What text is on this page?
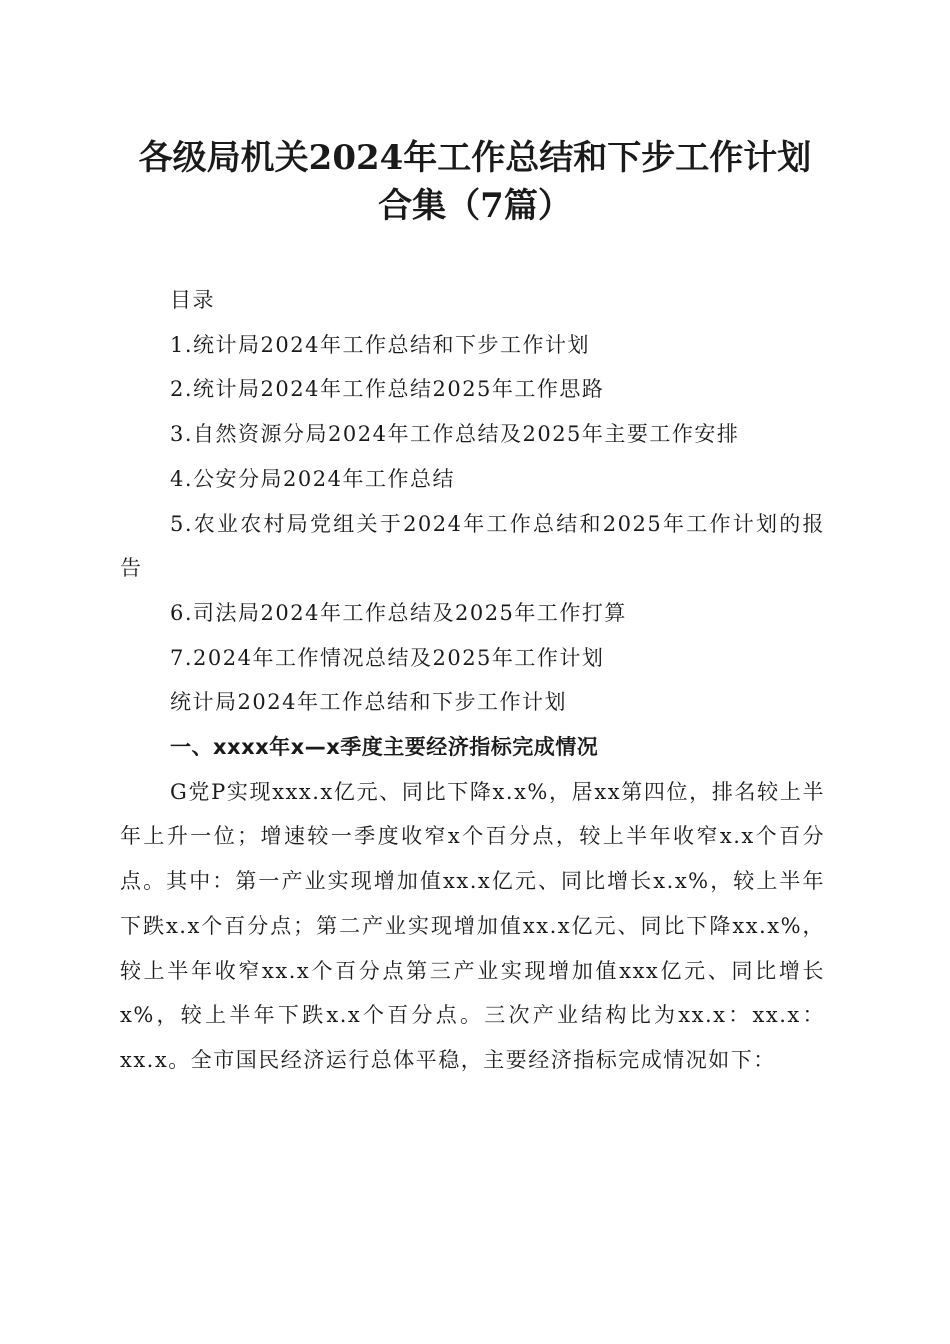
各级局机关2024年工作总结和下步工作计划
合集（7篇）

目录

1.统计局2024年工作总结和下步工作计划

2.统计局2024年工作总结2025年工作思路

3.自然资源分局2024年工作总结及2025年主要工作安排

4.公安分局2024年工作总结

5.农业农村局党组关于2024年工作总结和2025年工作计划的报告

6.司法局2024年工作总结及2025年工作打算

7.2024年工作情况总结及2025年工作计划

统计局2024年工作总结和下步工作计划

一、xxxx年x—x季度主要经济指标完成情况

G党P实现xxx.x亿元、同比下降x.x%，居xx第四位，排名较上半年上升一位；增速较一季度收窄x个百分点，较上半年收窄x.x个百分点。其中：第一产业实现增加值xx.x亿元、同比增长x.x%，较上半年下跌x.x个百分点；第二产业实现增加值xx.x亿元、同比下降xx.x%，较上半年收窄xx.x个百分点第三产业实现增加值xxx亿元、同比增长x%，较上半年下跌x.x个百分点。三次产业结构比为xx.x：xx.x：xx.x。全市国民经济运行总体平稳，主要经济指标完成情况如下：
